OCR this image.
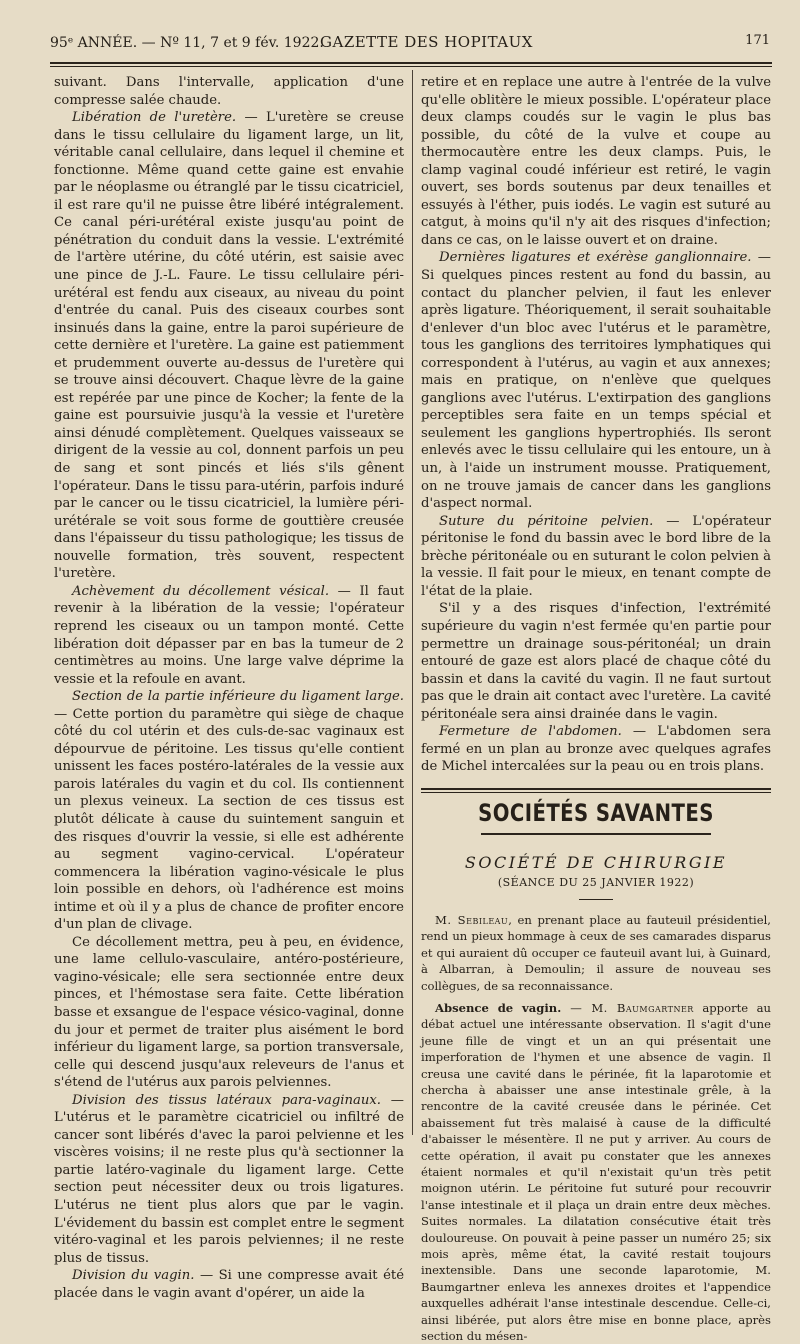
95ᵉ ANNÉE. — Nº 11, 7 et 9 fév. 1922.
GAZETTE DES HOPITAUX	171

suivant. Dans l'intervalle, application d'une compresse salée chaude.

Libération de l'uretère. — L'uretère se creuse dans le tissu cellulaire du ligament large, un lit, véritable canal cellulaire, dans lequel il chemine et fonctionne. Même quand cette gaine est envahie par le néoplasme ou étranglé par le tissu cicatriciel, il est rare qu'il ne puisse être libéré intégralement. Ce canal péri-urétéral existe jusqu'au point de pénétration du conduit dans la vessie. L'extrémité de l'artère utérine, du côté utérin, est saisie avec une pince de J.-L. Faure. Le tissu cellulaire péri-urétéral est fendu aux ciseaux, au niveau du point d'entrée du canal. Puis des ciseaux courbes sont insinués dans la gaine, entre la paroi supérieure de cette dernière et l'uretère. La gaine est patiemment et prudemment ouverte au-dessus de l'uretère qui se trouve ainsi découvert. Chaque lèvre de la gaine est repérée par une pince de Kocher; la fente de la gaine est poursuivie jusqu'à la vessie et l'uretère ainsi dénudé complètement. Quelques vaisseaux se dirigent de la vessie au col, donnent parfois un peu de sang et sont pincés et liés s'ils gênent l'opérateur. Dans le tissu para-utérin, parfois induré par le cancer ou le tissu cicatriciel, la lumière péri-urétérale se voit sous forme de gouttière creusée dans l'épaisseur du tissu pathologique; les tissus de nouvelle formation, très souvent, respectent l'uretère.

Achèvement du décollement vésical. — Il faut revenir à la libération de la vessie; l'opérateur reprend les ciseaux ou un tampon monté. Cette libération doit dépasser par en bas la tumeur de 2 centimètres au moins. Une large valve déprime la vessie et la refoule en avant.

Section de la partie inférieure du ligament large. — Cette portion du paramètre qui siège de chaque côté du col utérin et des culs-de-sac vaginaux est dépourvue de péritoine. Les tissus qu'elle contient unissent les faces postéro-latérales de la vessie aux parois latérales du vagin et du col. Ils contiennent un plexus veineux. La section de ces tissus est plutôt délicate à cause du suintement sanguin et des risques d'ouvrir la vessie, si elle est adhérente au segment vagino-cervical. L'opérateur commencera la libération vagino-vésicale le plus loin possible en dehors, où l'adhérence est moins intime et où il y a plus de chance de profiter encore d'un plan de clivage.

Ce décollement mettra, peu à peu, en évidence, une lame cellulo-vasculaire, antéro-postérieure, vagino-vésicale; elle sera sectionnée entre deux pinces, et l'hémostase sera faite. Cette libération basse et exsangue de l'espace vésico-vaginal, donne du jour et permet de traiter plus aisément le bord inférieur du ligament large, sa portion transversale, celle qui descend jusqu'aux releveurs de l'anus et s'étend de l'utérus aux parois pelviennes.

Division des tissus latéraux para-vaginaux. — L'utérus et le paramètre cicatriciel ou infiltré de cancer sont libérés d'avec la paroi pelvienne et les viscères voisins; il ne reste plus qu'à sectionner la partie latéro-vaginale du ligament large. Cette section peut nécessiter deux ou trois ligatures. L'utérus ne tient plus alors que par le vagin. L'évidement du bassin est complet entre le segment vitéro-vaginal et les parois pelviennes; il ne reste plus de tissus.

Division du vagin. — Si une compresse avait été placée dans le vagin avant d'opérer, un aide la

retire et en replace une autre à l'entrée de la vulve qu'elle oblitère le mieux possible. L'opérateur place deux clamps coudés sur le vagin le plus bas possible, du côté de la vulve et coupe au thermocautère entre les deux clamps. Puis, le clamp vaginal coudé inférieur est retiré, le vagin ouvert, ses bords soutenus par deux tenailles et essuyés à l'éther, puis iodés. Le vagin est suturé au catgut, à moins qu'il n'y ait des risques d'infection; dans ce cas, on le laisse ouvert et on draine.

Dernières ligatures et exérèse ganglionnaire. — Si quelques pinces restent au fond du bassin, au contact du plancher pelvien, il faut les enlever après ligature. Théoriquement, il serait souhaitable d'enlever d'un bloc avec l'utérus et le paramètre, tous les ganglions des territoires lymphatiques qui correspondent à l'utérus, au vagin et aux annexes; mais en pratique, on n'enlève que quelques ganglions avec l'utérus. L'extirpation des ganglions perceptibles sera faite en un temps spécial et seulement les ganglions hypertrophiés. Ils seront enlevés avec le tissu cellulaire qui les entoure, un à un, à l'aide un instrument mousse. Pratiquement, on ne trouve jamais de cancer dans les ganglions d'aspect normal.

Suture du péritoine pelvien. — L'opérateur péritonise le fond du bassin avec le bord libre de la brèche péritonéale ou en suturant le colon pelvien à la vessie. Il fait pour le mieux, en tenant compte de l'état de la plaie.

S'il y a des risques d'infection, l'extrémité supérieure du vagin n'est fermée qu'en partie pour permettre un drainage sous-péritonéal; un drain entouré de gaze est alors placé de chaque côté du bassin et dans la cavité du vagin. Il ne faut surtout pas que le drain ait contact avec l'uretère. La cavité péritonéale sera ainsi drainée dans le vagin.

Fermeture de l'abdomen. — L'abdomen sera fermé en un plan au bronze avec quelques agrafes de Michel intercalées sur la peau ou en trois plans.

SOCIÉTÉS SAVANTES
SOCIÉTÉ DE CHIRURGIE

(SÉANCE DU 25 JANVIER 1922)

M. Sebileau, en prenant place au fauteuil présidentiel, rend un pieux hommage à ceux de ses camarades disparus et qui auraient dû occuper ce fauteuil avant lui, à Guinard, à Albarran, à Demoulin; il assure de nouveau ses collègues, de sa reconnaissance.

Absence de vagin. — M. Baumgartner apporte au débat actuel une intéressante observation. Il s'agit d'une jeune fille de vingt et un an qui présentait une imperforation de l'hymen et une absence de vagin. Il creusa une cavité dans le périnée, fit la laparotomie et chercha à abaisser une anse intestinale grêle, à la rencontre de la cavité creusée dans le périnée. Cet abaissement fut très malaisé à cause de la difficulté d'abaisser le mésentère. Il ne put y arriver. Au cours de cette opération, il avait pu constater que les annexes étaient normales et qu'il n'existait qu'un très petit moignon utérin. Le péritoine fut suturé pour recouvrir l'anse intestinale et il plaça un drain entre deux mèches. Suites normales. La dilatation consécutive était très douloureuse. On pouvait à peine passer un numéro 25; six mois après, même état, la cavité restait toujours inextensible. Dans une seconde laparotomie, M. Baumgartner enleva les annexes droites et l'appendice auxquelles adhérait l'anse intestinale descendue. Celle-ci, ainsi libérée, put alors être mise en bonne place, après section du mésen-
